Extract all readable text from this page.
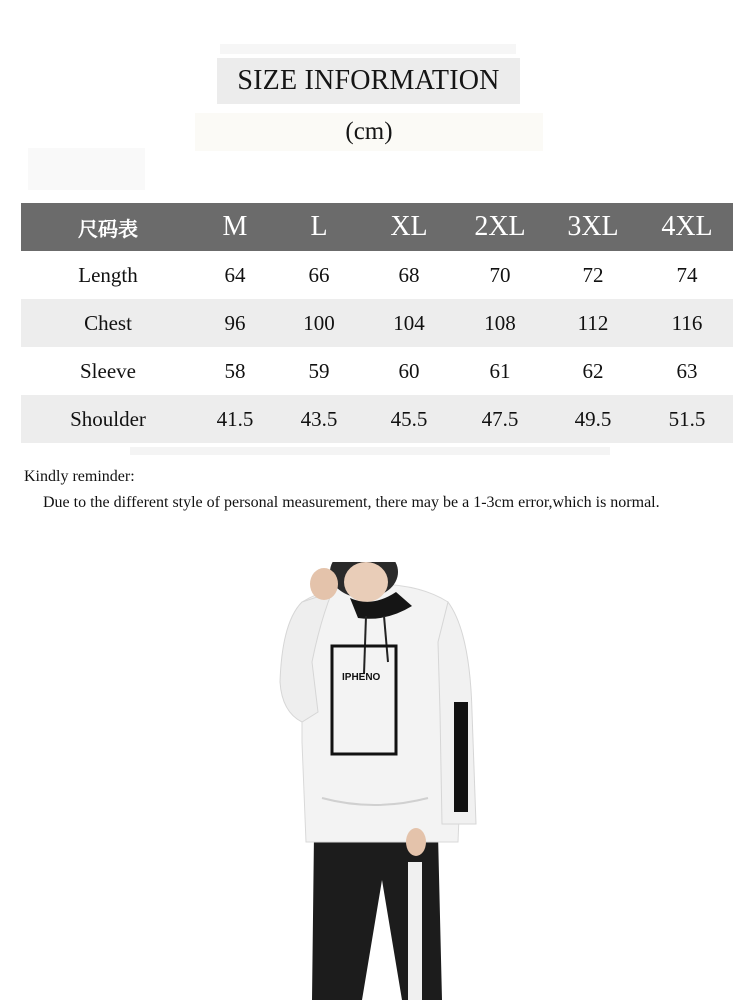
SIZE INFORMATION
(cm)
尺码表	M	L	XL	2XL	3XL	4XL
Length	64	66	68	70	72	74
Chest	96	100	104	108	112	116
Sleeve	58	59	60	61	62	63
Shoulder	41.5	43.5	45.5	47.5	49.5	51.5
Kindly reminder:
Due to the different style of personal measurement, there may be a 1-3cm error,which is normal.
IPHENO
